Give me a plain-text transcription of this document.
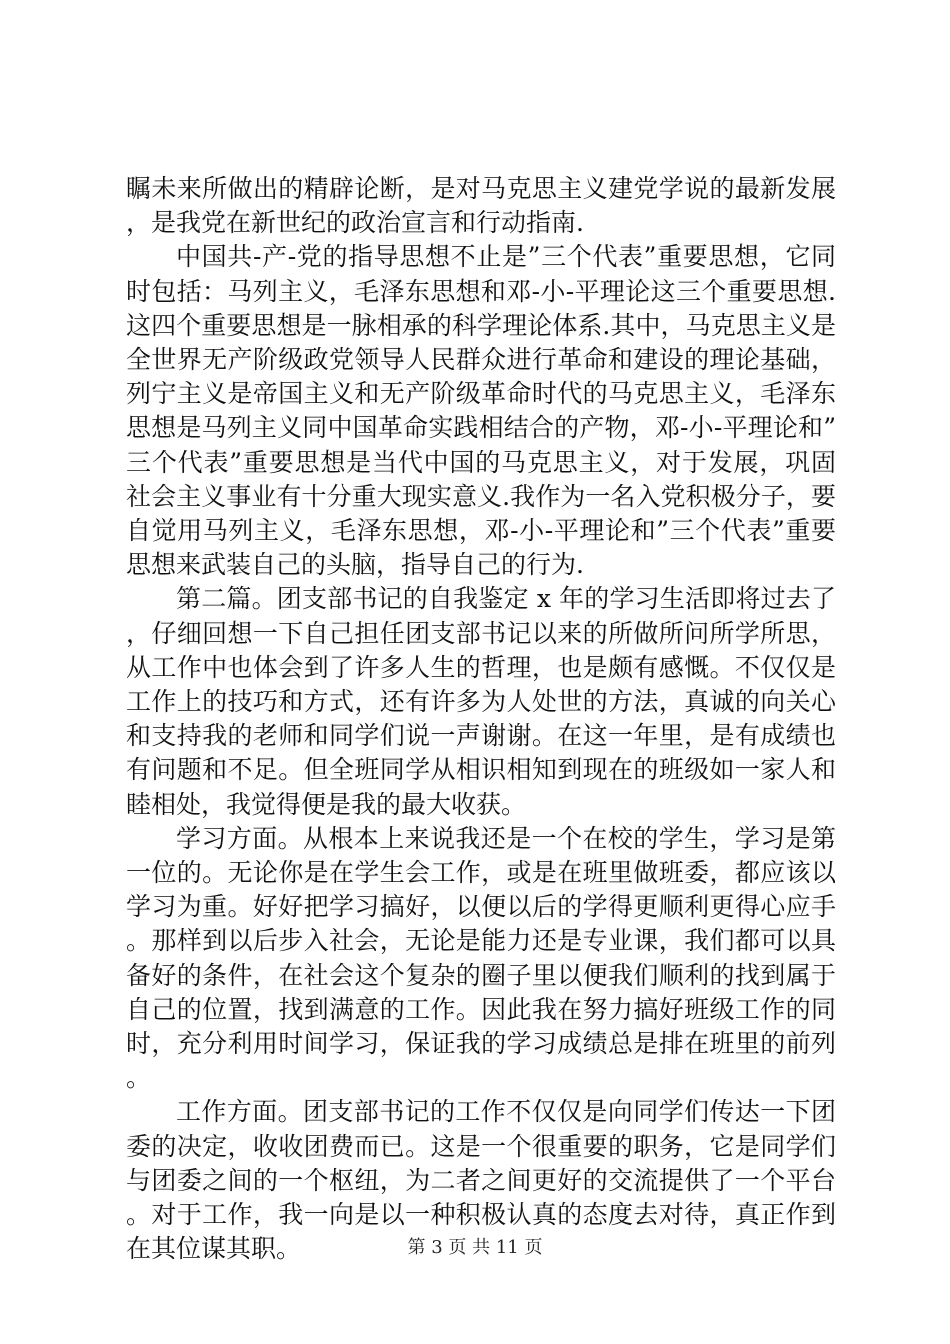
瞩未来所做出的精辟论断，是对马克思主义建党学说的最新发展，是我党在新世纪的政治宣言和行动指南.

中国共-产-党的指导思想不止是”三个代表”重要思想，它同时包括：马列主义，毛泽东思想和邓-小-平理论这三个重要思想.这四个重要思想是一脉相承的科学理论体系.其中，马克思主义是全世界无产阶级政党领导人民群众进行革命和建设的理论基础，列宁主义是帝国主义和无产阶级革命时代的马克思主义，毛泽东思想是马列主义同中国革命实践相结合的产物，邓-小-平理论和”三个代表”重要思想是当代中国的马克思主义，对于发展，巩固社会主义事业有十分重大现实意义.我作为一名入党积极分子，要自觉用马列主义，毛泽东思想，邓-小-平理论和”三个代表”重要思想来武装自己的头脑，指导自己的行为.

第二篇。团支部书记的自我鉴定 x 年的学习生活即将过去了，仔细回想一下自己担任团支部书记以来的所做所问所学所思，从工作中也体会到了许多人生的哲理，也是颇有感慨。不仅仅是工作上的技巧和方式，还有许多为人处世的方法，真诚的向关心和支持我的老师和同学们说一声谢谢。在这一年里，是有成绩也有问题和不足。但全班同学从相识相知到现在的班级如一家人和睦相处，我觉得便是我的最大收获。

学习方面。从根本上来说我还是一个在校的学生，学习是第一位的。无论你是在学生会工作，或是在班里做班委，都应该以学习为重。好好把学习搞好，以便以后的学得更顺利更得心应手。那样到以后步入社会，无论是能力还是专业课，我们都可以具备好的条件，在社会这个复杂的圈子里以便我们顺利的找到属于自己的位置，找到满意的工作。因此我在努力搞好班级工作的同时，充分利用时间学习，保证我的学习成绩总是排在班里的前列。

工作方面。团支部书记的工作不仅仅是向同学们传达一下团委的决定，收收团费而已。这是一个很重要的职务，它是同学们与团委之间的一个枢纽，为二者之间更好的交流提供了一个平台。对于工作，我一向是以一种积极认真的态度去对待，真正作到在其位谋其职。	第 3 页 共 11 页
